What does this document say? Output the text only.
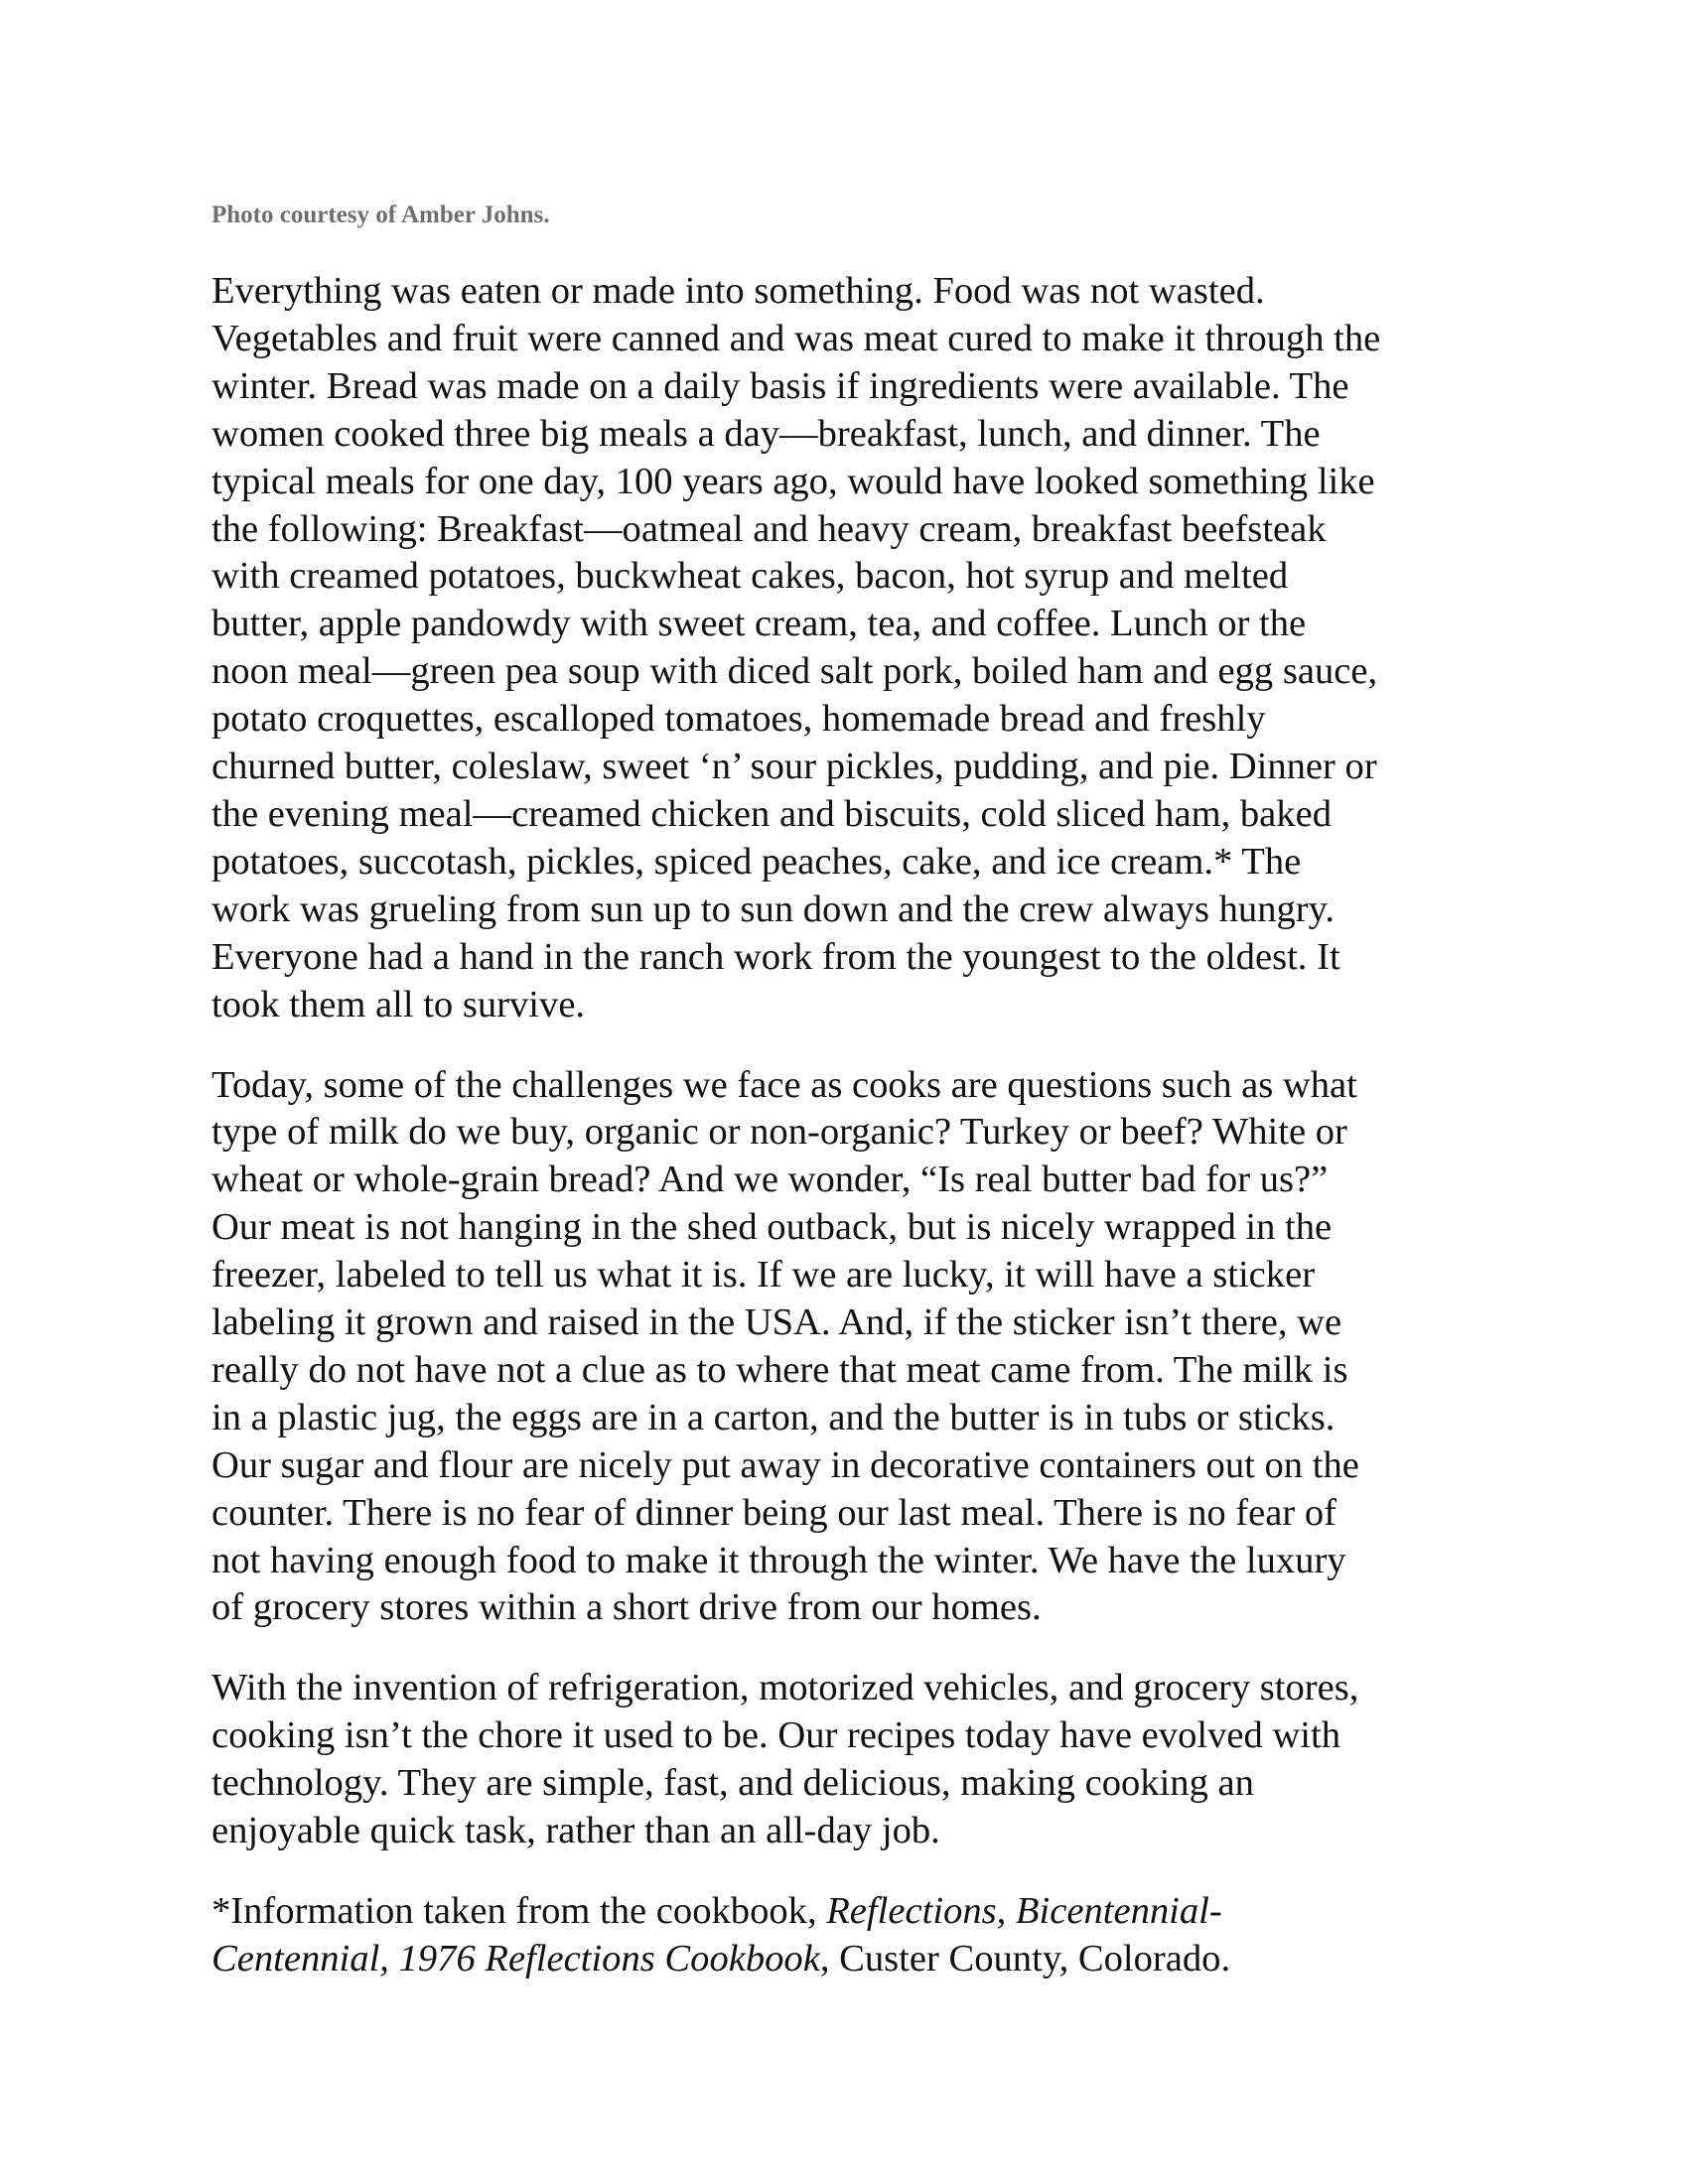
Photo courtesy of Amber Johns.
Everything was eaten or made into something. Food was not wasted.
Vegetables and fruit were canned and was meat cured to make it through the
winter. Bread was made on a daily basis if ingredients were available. The
women cooked three big meals a day—breakfast, lunch, and dinner. The
typical meals for one day, 100 years ago, would have looked something like
the following: Breakfast—oatmeal and heavy cream, breakfast beefsteak
with creamed potatoes, buckwheat cakes, bacon, hot syrup and melted
butter, apple pandowdy with sweet cream, tea, and coffee. Lunch or the
noon meal—green pea soup with diced salt pork, boiled ham and egg sauce,
potato croquettes, escalloped tomatoes, homemade bread and freshly
churned butter, coleslaw, sweet ‘n’ sour pickles, pudding, and pie. Dinner or
the evening meal—creamed chicken and biscuits, cold sliced ham, baked
potatoes, succotash, pickles, spiced peaches, cake, and ice cream.* The
work was grueling from sun up to sun down and the crew always hungry.
Everyone had a hand in the ranch work from the youngest to the oldest. It
took them all to survive.
Today, some of the challenges we face as cooks are questions such as what
type of milk do we buy, organic or non-organic? Turkey or beef? White or
wheat or whole-grain bread? And we wonder, “Is real butter bad for us?”
Our meat is not hanging in the shed outback, but is nicely wrapped in the
freezer, labeled to tell us what it is. If we are lucky, it will have a sticker
labeling it grown and raised in the USA. And, if the sticker isn’t there, we
really do not have not a clue as to where that meat came from. The milk is
in a plastic jug, the eggs are in a carton, and the butter is in tubs or sticks.
Our sugar and flour are nicely put away in decorative containers out on the
counter. There is no fear of dinner being our last meal. There is no fear of
not having enough food to make it through the winter. We have the luxury
of grocery stores within a short drive from our homes.
With the invention of refrigeration, motorized vehicles, and grocery stores,
cooking isn’t the chore it used to be. Our recipes today have evolved with
technology. They are simple, fast, and delicious, making cooking an
enjoyable quick task, rather than an all-day job.
*Information taken from the cookbook, Reflections, Bicentennial-
Centennial, 1976 Reflections Cookbook, Custer County, Colorado.
